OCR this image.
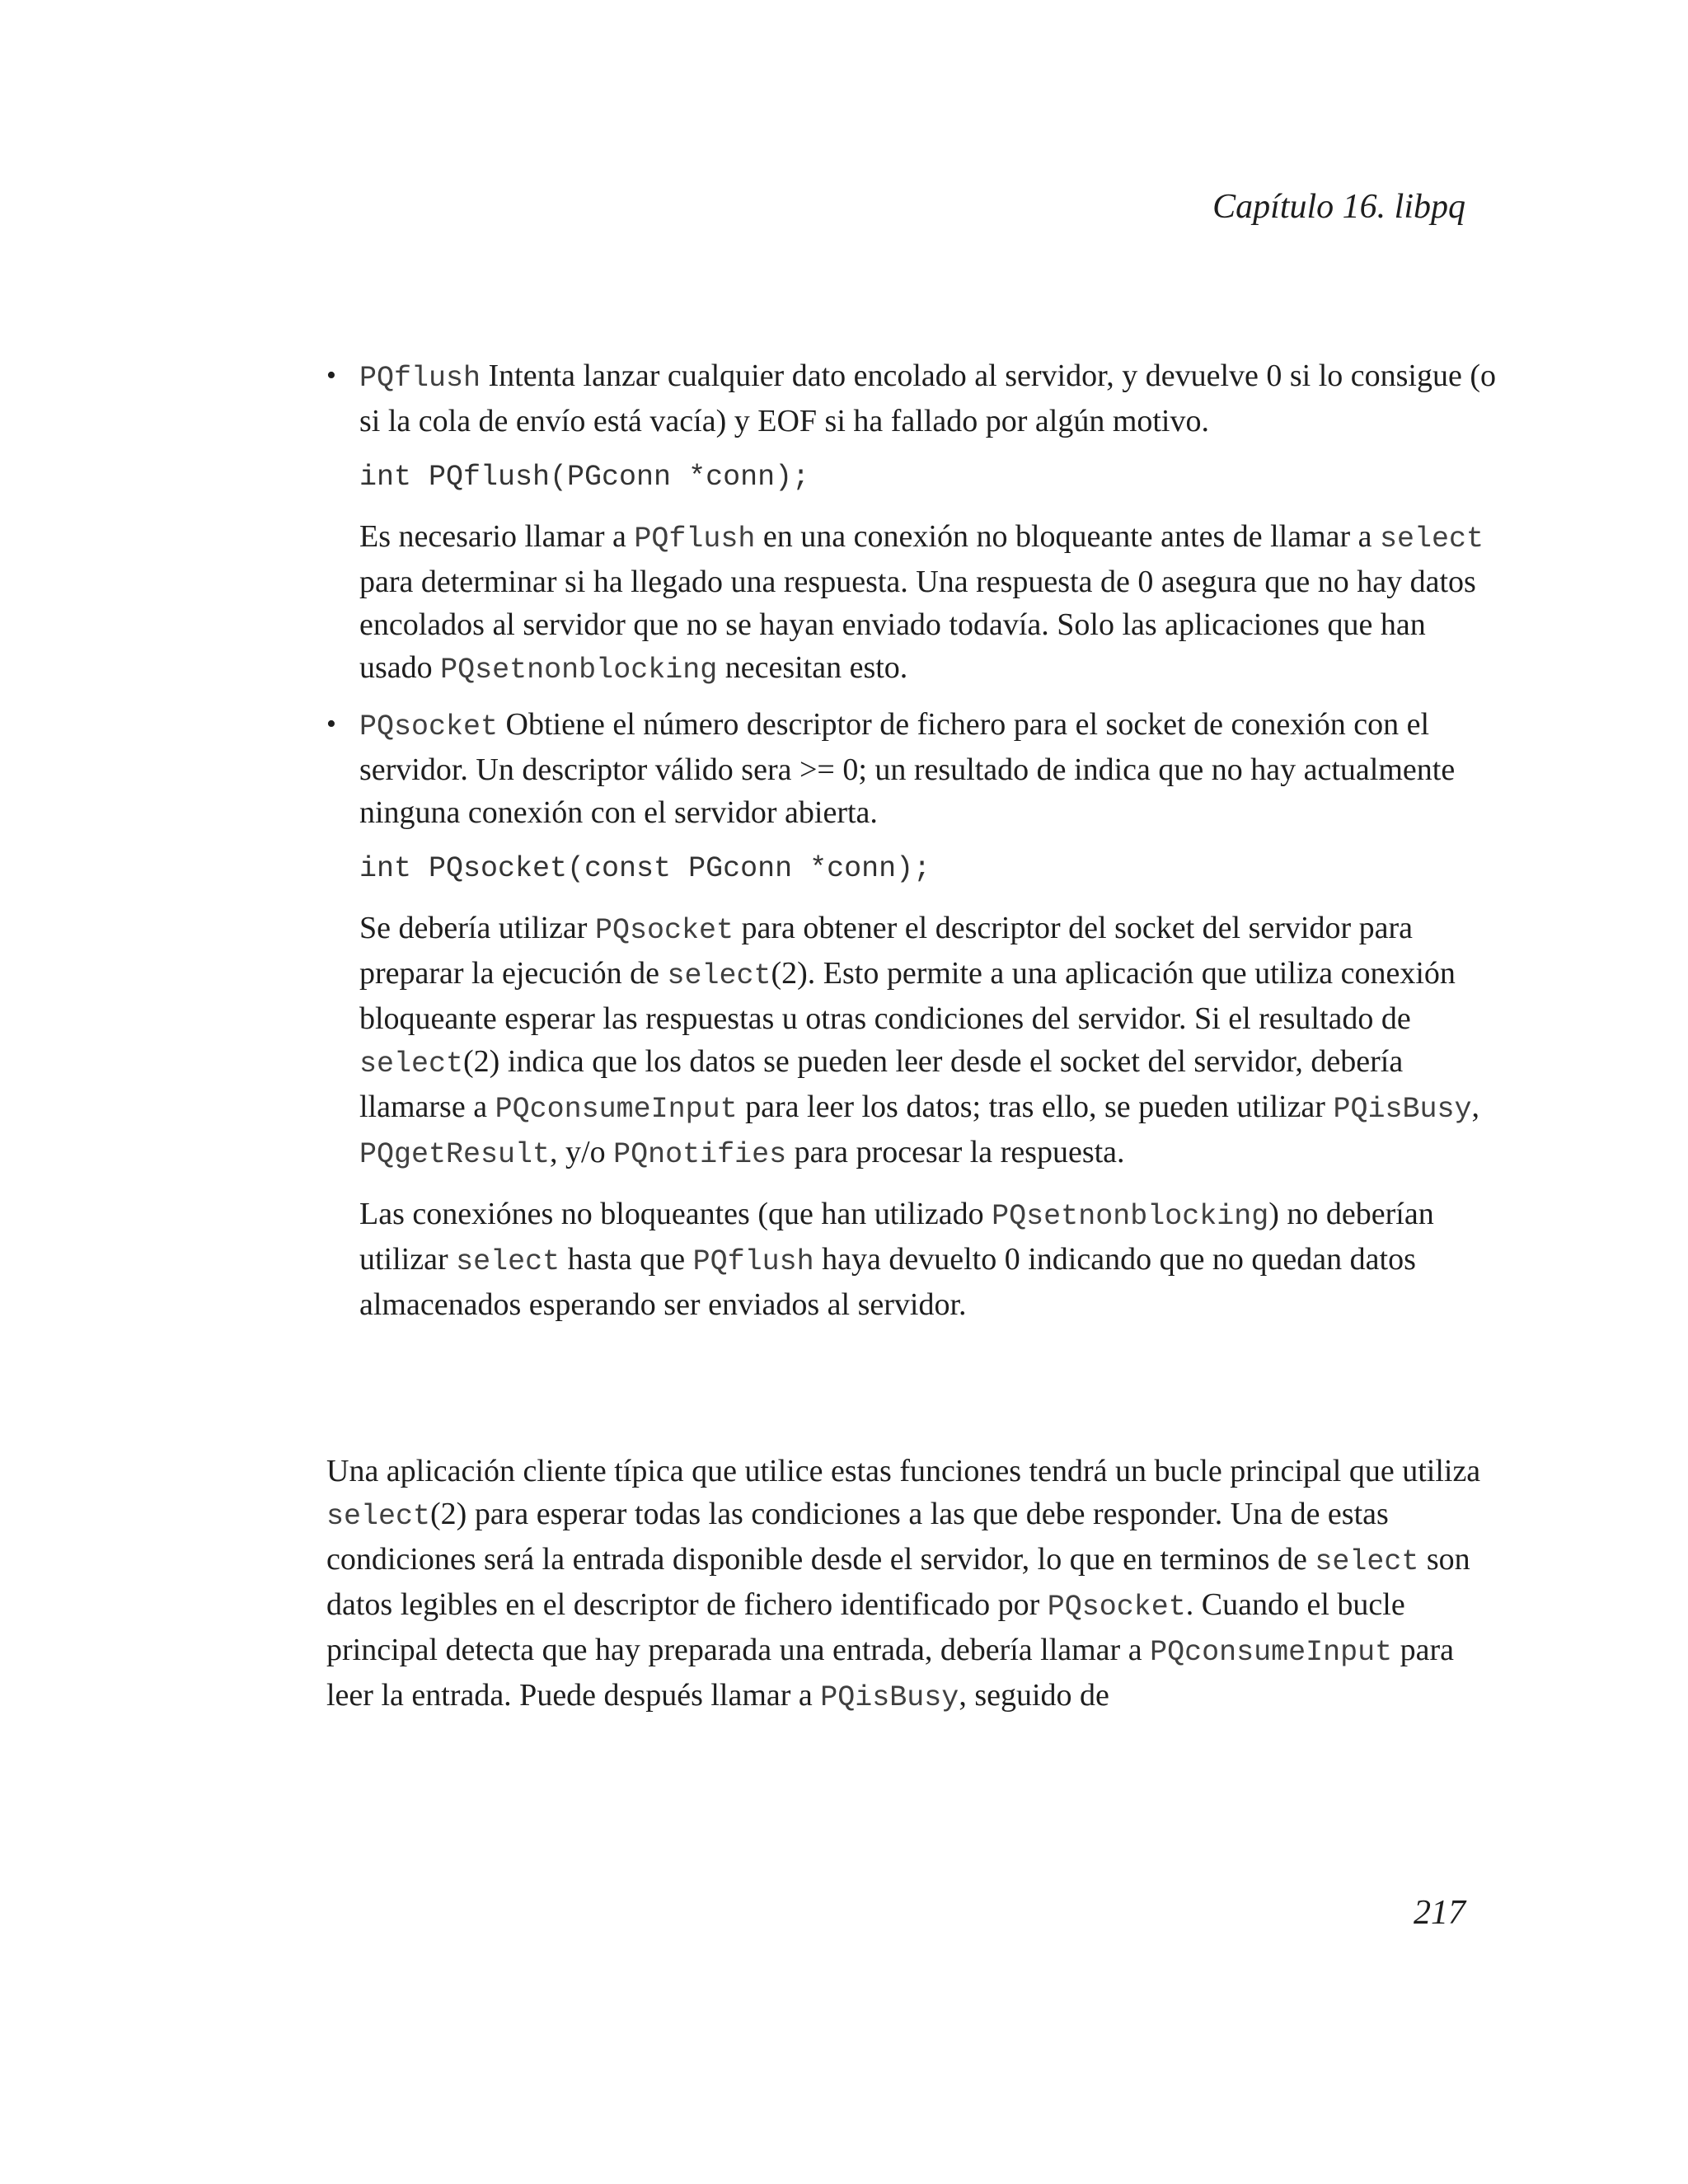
Capítulo 16. libpq

• PQflush Intenta lanzar cualquier dato encolado al servidor, y devuelve 0 si lo consigue (o si la cola de envío está vacía) y EOF si ha fallado por algún motivo.

int PQflush(PGconn *conn);

Es necesario llamar a PQflush en una conexión no bloqueante antes de llamar a select para determinar si ha llegado una respuesta. Una respuesta de 0 asegura que no hay datos encolados al servidor que no se hayan enviado todavía. Solo las aplicaciones que han usado PQsetnonblocking necesitan esto.

• PQsocket Obtiene el número descriptor de fichero para el socket de conexión con el servidor. Un descriptor válido sera >= 0; un resultado de indica que no hay actualmente ninguna conexión con el servidor abierta.

int PQsocket(const PGconn *conn);

Se debería utilizar PQsocket para obtener el descriptor del socket del servidor para preparar la ejecución de select(2). Esto permite a una aplicación que utiliza conexión bloqueante esperar las respuestas u otras condiciones del servidor. Si el resultado de select(2) indica que los datos se pueden leer desde el socket del servidor, debería llamarse a PQconsumeInput para leer los datos; tras ello, se pueden utilizar PQisBusy, PQgetResult, y/o PQnotifies para procesar la respuesta.

Las conexiónes no bloqueantes (que han utilizado PQsetnonblocking) no deberían utilizar select hasta que PQflush haya devuelto 0 indicando que no quedan datos almacenados esperando ser enviados al servidor.

Una aplicación cliente típica que utilice estas funciones tendrá un bucle principal que utiliza select(2) para esperar todas las condiciones a las que debe responder. Una de estas condiciones será la entrada disponible desde el servidor, lo que en terminos de select son datos legibles en el descriptor de fichero identificado por PQsocket. Cuando el bucle principal detecta que hay preparada una entrada, debería llamar a PQconsumeInput para leer la entrada. Puede después llamar a PQisBusy, seguido de

217
